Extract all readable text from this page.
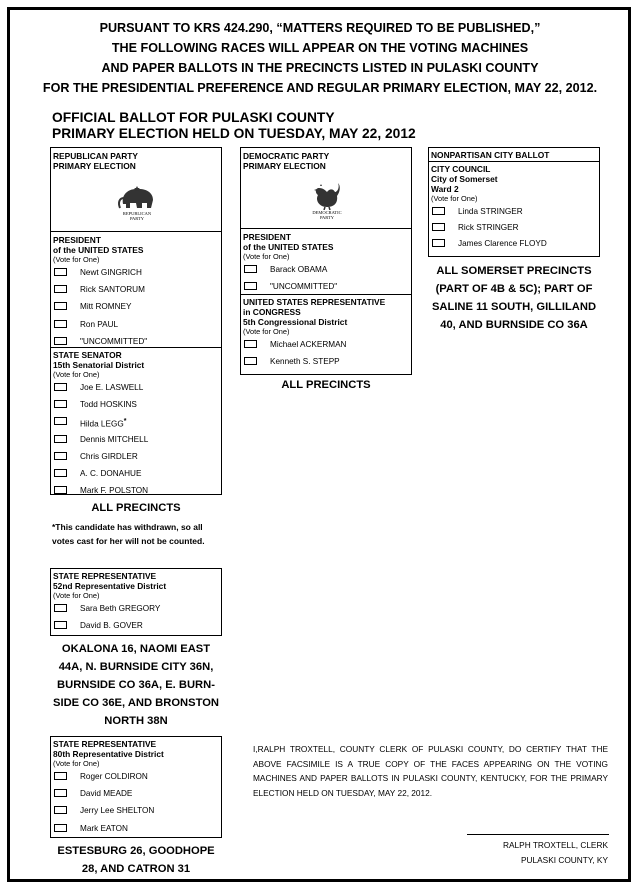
PURSUANT TO KRS 424.290, “MATTERS REQUIRED TO BE PUBLISHED,”
THE FOLLOWING RACES WILL APPEAR ON THE VOTING MACHINES
AND PAPER BALLOTS IN THE PRECINCTS LISTED IN PULASKI COUNTY
FOR THE PRESIDENTIAL PREFERENCE AND REGULAR PRIMARY ELECTION, MAY 22, 2012.
OFFICIAL BALLOT FOR PULASKI COUNTY
PRIMARY ELECTION HELD ON TUESDAY, MAY 22, 2012
REPUBLICAN PARTY
PRIMARY ELECTION
REPUBLICAN
PARTY
PRESIDENT
of the UNITED STATES
(Vote for One)
Newt GINGRICH
Rick SANTORUM
Mitt ROMNEY
Ron PAUL
"UNCOMMITTED"
STATE SENATOR
15th Senatorial District
(Vote for One)
Joe E. LASWELL
Todd HOSKINS
Hilda LEGG*
Dennis MITCHELL
Chris GIRDLER
A. C. DONAHUE
Mark F. POLSTON
ALL PRECINCTS
*This candidate has withdrawn, so all
votes cast for her will not be counted.
DEMOCRATIC PARTY
PRIMARY ELECTION
DEMOCRATIC
PARTY
PRESIDENT
of the UNITED STATES
(Vote for One)
Barack OBAMA
"UNCOMMITTED"
UNITED STATES REPRESENTATIVE
in CONGRESS
5th Congressional District
(Vote for One)
Michael ACKERMAN
Kenneth S. STEPP
ALL PRECINCTS
NONPARTISAN CITY BALLOT
CITY COUNCIL
City of Somerset
Ward 2
(Vote for One)
Linda STRINGER
Rick STRINGER
James Clarence FLOYD
ALL SOMERSET PRECINCTS
(PART OF 4B & 5C); PART OF
SALINE 11 SOUTH, GILLILAND
40, AND BURNSIDE CO 36A
STATE REPRESENTATIVE
52nd Representative District
(Vote for One)
Sara Beth GREGORY
David B. GOVER
OKALONA 16, NAOMI EAST
44A, N. BURNSIDE CITY 36N,
BURNSIDE CO 36A, E. BURN-
SIDE CO 36E, AND BRONSTON
NORTH 38N
STATE REPRESENTATIVE
80th Representative District
(Vote for One)
Roger COLDIRON
David MEADE
Jerry Lee SHELTON
Mark EATON
ESTESBURG 26, GOODHOPE
28, AND CATRON 31
I,RALPH TROXTELL, COUNTY CLERK OF PULASKI COUNTY, DO CERTIFY THAT THE ABOVE FACSIMILE IS A TRUE COPY OF THE FACES APPEARING ON THE VOTING MACHINES AND PAPER BALLOTS IN PULASKI COUNTY, KENTUCKY, FOR THE PRIMARY ELECTION HELD ON TUESDAY, MAY 22, 2012.
RALPH TROXTELL, CLERK
PULASKI COUNTY, KY
